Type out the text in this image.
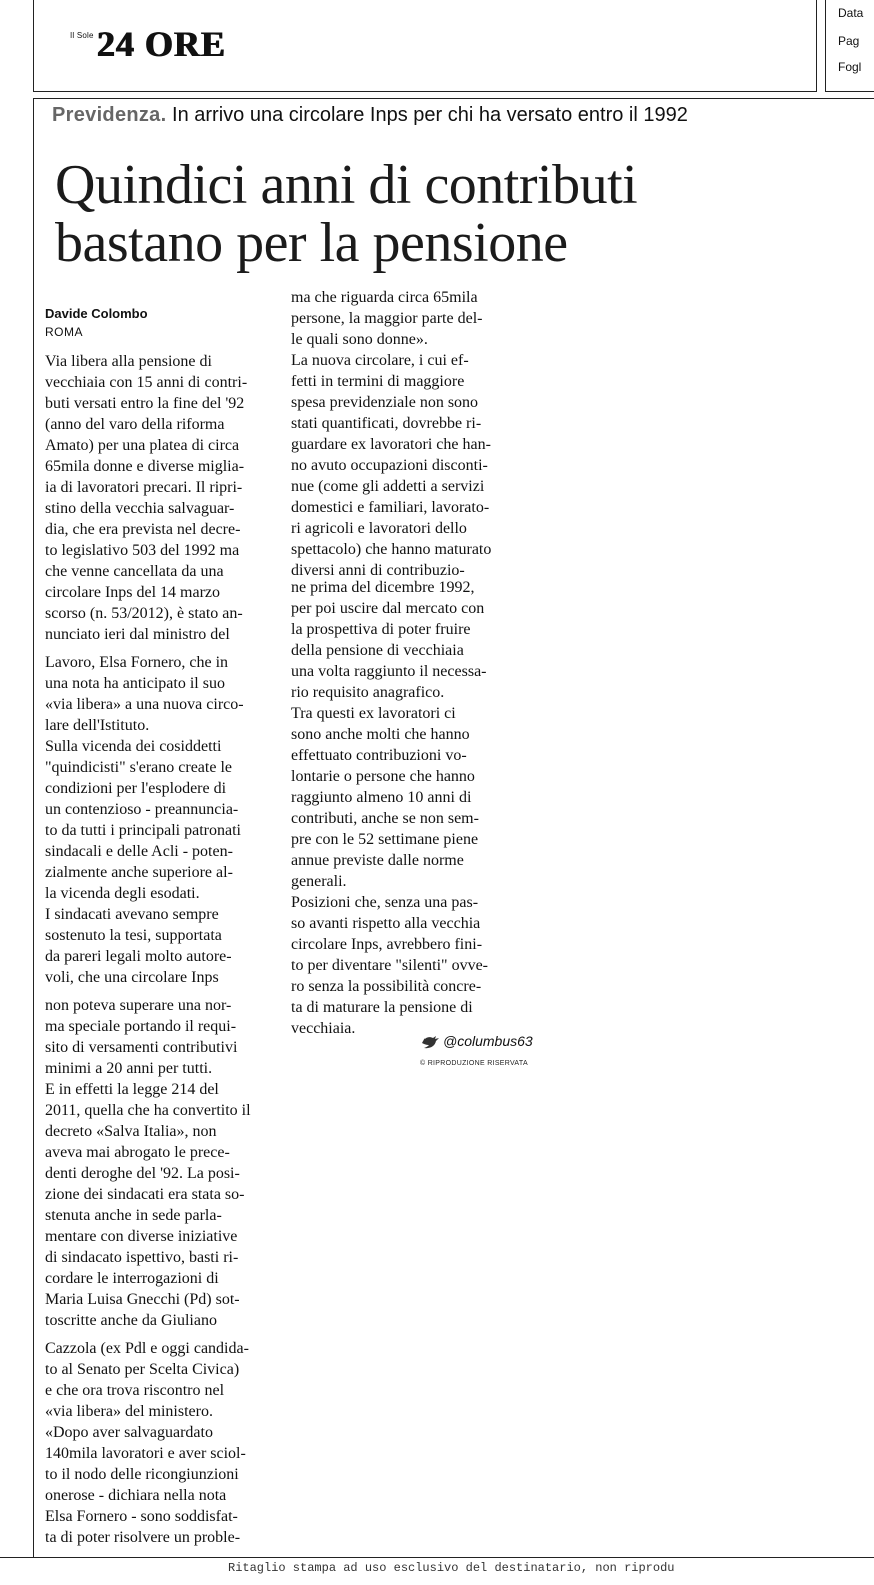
Il Sole 24 ORE
Data
Pag
Fogl
Previdenza. In arrivo una circolare Inps per chi ha versato entro il 1992
Quindici anni di contributi
bastano per la pensione
Davide Colombo
ROMA
Via libera alla pensione di
vecchiaia con 15 anni di contri-
buti versati entro la fine del '92
(anno del varo della riforma
Amato) per una platea di circa
65mila donne e diverse miglia-
ia di lavoratori precari. Il ripri-
stino della vecchia salvaguar-
dia, che era prevista nel decre-
to legislativo 503 del 1992 ma
che venne cancellata da una
circolare Inps del 14 marzo
scorso (n. 53/2012), è stato an-
nunciato ieri dal ministro del
Lavoro, Elsa Fornero, che in
una nota ha anticipato il suo
«via libera» a una nuova circo-
lare dell'Istituto.
Sulla vicenda dei cosiddetti
"quindicisti" s'erano create le
condizioni per l'esplodere di
un contenzioso - preannuncia-
to da tutti i principali patronati
sindacali e delle Acli - poten-
zialmente anche superiore al-
la vicenda degli esodati.
I sindacati avevano sempre
sostenuto la tesi, supportata
da pareri legali molto autore-
voli, che una circolare Inps
non poteva superare una nor-
ma speciale portando il requi-
sito di versamenti contributivi
minimi a 20 anni per tutti.
E in effetti la legge 214 del
2011, quella che ha convertito il
decreto «Salva Italia», non
aveva mai abrogato le prece-
denti deroghe del '92. La posi-
zione dei sindacati era stata so-
stenuta anche in sede parla-
mentare con diverse iniziative
di sindacato ispettivo, basti ri-
cordare le interrogazioni di
Maria Luisa Gnecchi (Pd) sot-
toscritte anche da Giuliano
Cazzola (ex Pdl e oggi candida-
to al Senato per Scelta Civica)
e che ora trova riscontro nel
«via libera» del ministero.
«Dopo aver salvaguardato
140mila lavoratori e aver sciol-
to il nodo delle ricongiunzioni
onerose - dichiara nella nota
Elsa Fornero - sono soddisfat-
ta di poter risolvere un proble-
ma che riguarda circa 65mila
persone, la maggior parte del-
le quali sono donne».
La nuova circolare, i cui ef-
fetti in termini di maggiore
spesa previdenziale non sono
stati quantificati, dovrebbe ri-
guardare ex lavoratori che han-
no avuto occupazioni disconti-
nue (come gli addetti a servizi
domestici e familiari, lavorato-
ri agricoli e lavoratori dello
spettacolo) che hanno maturato
diversi anni di contribuzio-
ne prima del dicembre 1992,
per poi uscire dal mercato con
la prospettiva di poter fruire
della pensione di vecchiaia
una volta raggiunto il necessa-
rio requisito anagrafico.
Tra questi ex lavoratori ci
sono anche molti che hanno
effettuato contribuzioni vo-
lontarie o persone che hanno
raggiunto almeno 10 anni di
contributi, anche se non sem-
pre con le 52 settimane piene
annue previste dalle norme
generali.
Posizioni che, senza una pas-
so avanti rispetto alla vecchia
circolare Inps, avrebbero fini-
to per diventare "silenti" ovve-
ro senza la possibilità concre-
ta di maturare la pensione di
vecchiaia.
@columbus63
© RIPRODUZIONE RISERVATA
Ritaglio stampa ad uso esclusivo del destinatario, non riprodu
